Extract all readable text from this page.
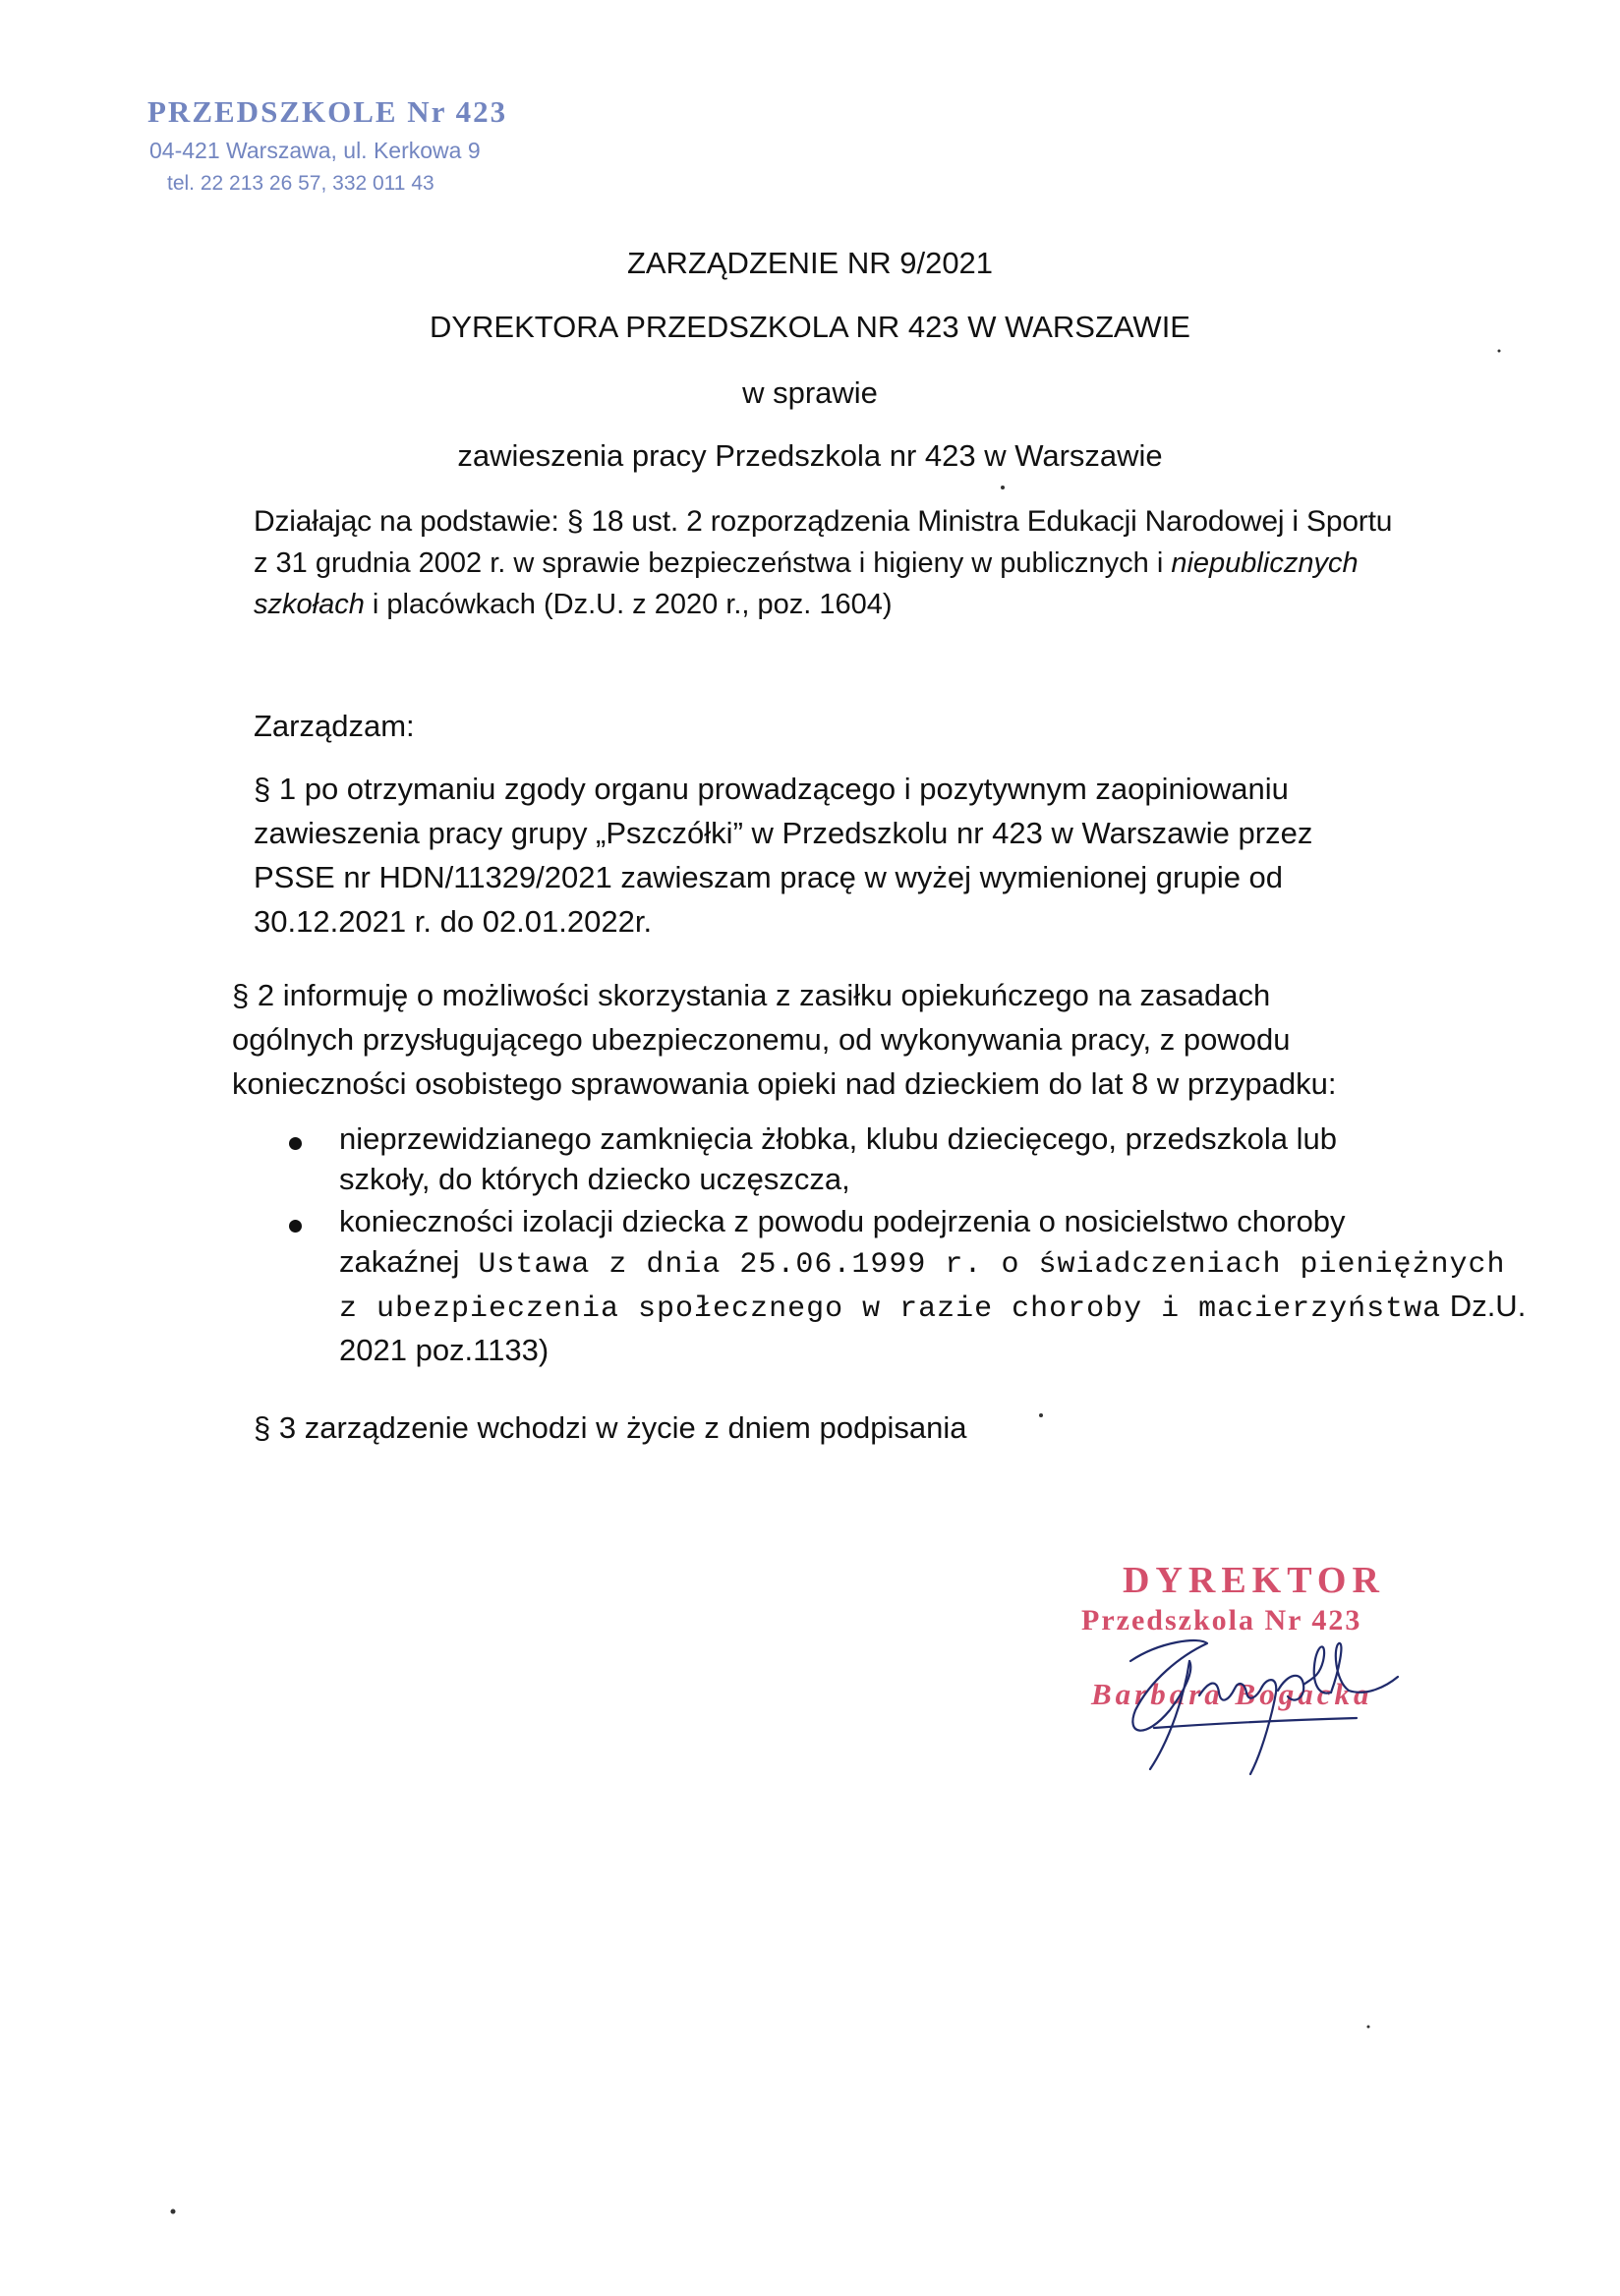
PRZEDSZKOLE Nr 423
04-421 Warszawa, ul. Kerkowa 9
tel. 22 213 26 57, 332 011 43
ZARZĄDZENIE NR 9/2021
DYREKTORA PRZEDSZKOLA NR 423 W WARSZAWIE
w sprawie
zawieszenia pracy Przedszkola nr 423 w Warszawie
Działając na podstawie: § 18 ust. 2 rozporządzenia Ministra Edukacji Narodowej i Sportu
z 31 grudnia 2002 r. w sprawie bezpieczeństwa i higieny w publicznych i niepublicznych
szkołach i placówkach (Dz.U. z 2020 r., poz. 1604)
Zarządzam:
§ 1 po otrzymaniu zgody organu prowadzącego i pozytywnym zaopiniowaniu
zawieszenia pracy grupy „Pszczółki” w Przedszkolu nr 423 w Warszawie przez
PSSE nr HDN/11329/2021 zawieszam pracę w wyżej wymienionej grupie od
30.12.2021 r. do 02.01.2022r.
§ 2 informuję o możliwości skorzystania z zasiłku opiekuńczego na zasadach
ogólnych przysługującego ubezpieczonemu, od wykonywania pracy, z powodu
konieczności osobistego sprawowania opieki nad dzieckiem do lat 8 w przypadku:
nieprzewidzianego zamknięcia żłobka, klubu dziecięcego, przedszkola lub
szkoły, do których dziecko uczęszcza,
konieczności izolacji dziecka z powodu podejrzenia o nosicielstwo choroby
zakaźnej Ustawa z dnia 25.06.1999 r. o świadczeniach pieniężnych
z ubezpieczenia społecznego w razie choroby i macierzyństwa Dz.U.
2021 poz.1133)
§ 3 zarządzenie wchodzi w życie z dniem podpisania
DYREKTOR
Przedszkola Nr 423
Barbara Bogacka
